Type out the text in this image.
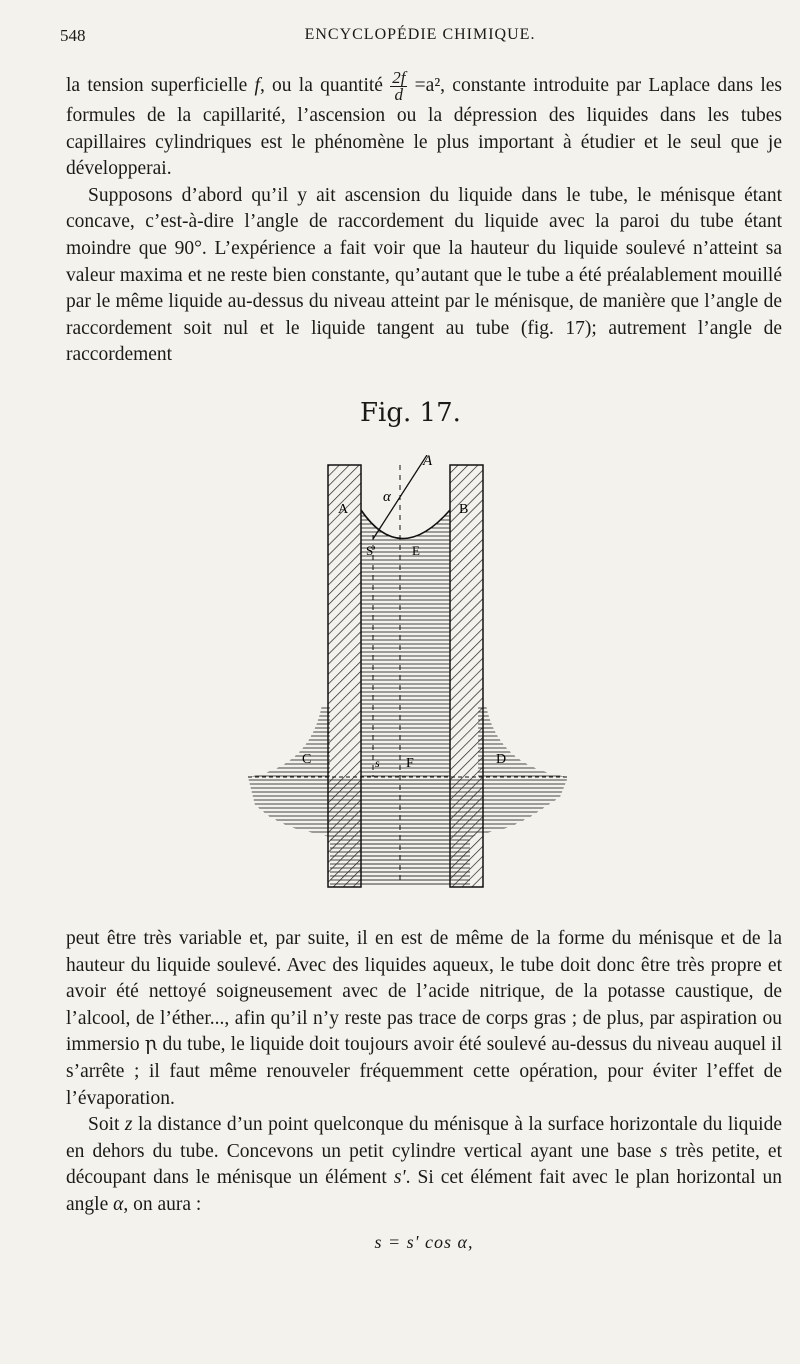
548	ENCYCLOPÉDIE CHIMIQUE.

la tension superficielle f, ou la quantité $\frac{2f}{d} =a^2$, constante introduite par Laplace dans les formules de la capillarité, l’ascension ou la dépression des liquides dans les tubes capillaires cylindriques est le phénomène le plus important à étudier et le seul que je développerai.

Supposons d’abord qu’il y ait ascension du liquide dans le tube, le ménisque étant concave, c’est-à-dire l’angle de raccordement du liquide avec la paroi du tube étant moindre que 90°. L’expérience a fait voir que la hauteur du liquide soulevé n’atteint sa valeur maxima et ne reste bien constante, qu’autant que le tube a été préalablement mouillé par le même liquide au-dessus du niveau atteint par le ménisque, de manière que l’angle de raccordement soit nul et le liquide tangent au tube (fig. 17); autrement l’angle de raccordement

Fig. 17.
A
α
A	B
S'	E
C	s F	D

peut être très variable et, par suite, il en est de même de la forme du ménisque et de la hauteur du liquide soulevé. Avec des liquides aqueux, le tube doit donc être très propre et avoir été nettoyé soigneusement avec de l’acide nitrique, de la potasse caustique, de l’alcool, de l’éther..., afin qu’il n’y reste pas trace de corps gras ; de plus, par aspiration ou immersio ꞃ du tube, le liquide doit toujours avoir été soulevé au-dessus du niveau auquel il s’arrête ; il faut même renouveler fréquemment cette opération, pour éviter l’effet de l’évaporation.

Soit z la distance d’un point quelconque du ménisque à la surface horizontale du liquide en dehors du tube. Concevons un petit cylindre vertical ayant une base s très petite, et découpant dans le ménisque un élément s'. Si cet élément fait avec le plan horizontal un angle α, on aura :

s = s' cos α,
